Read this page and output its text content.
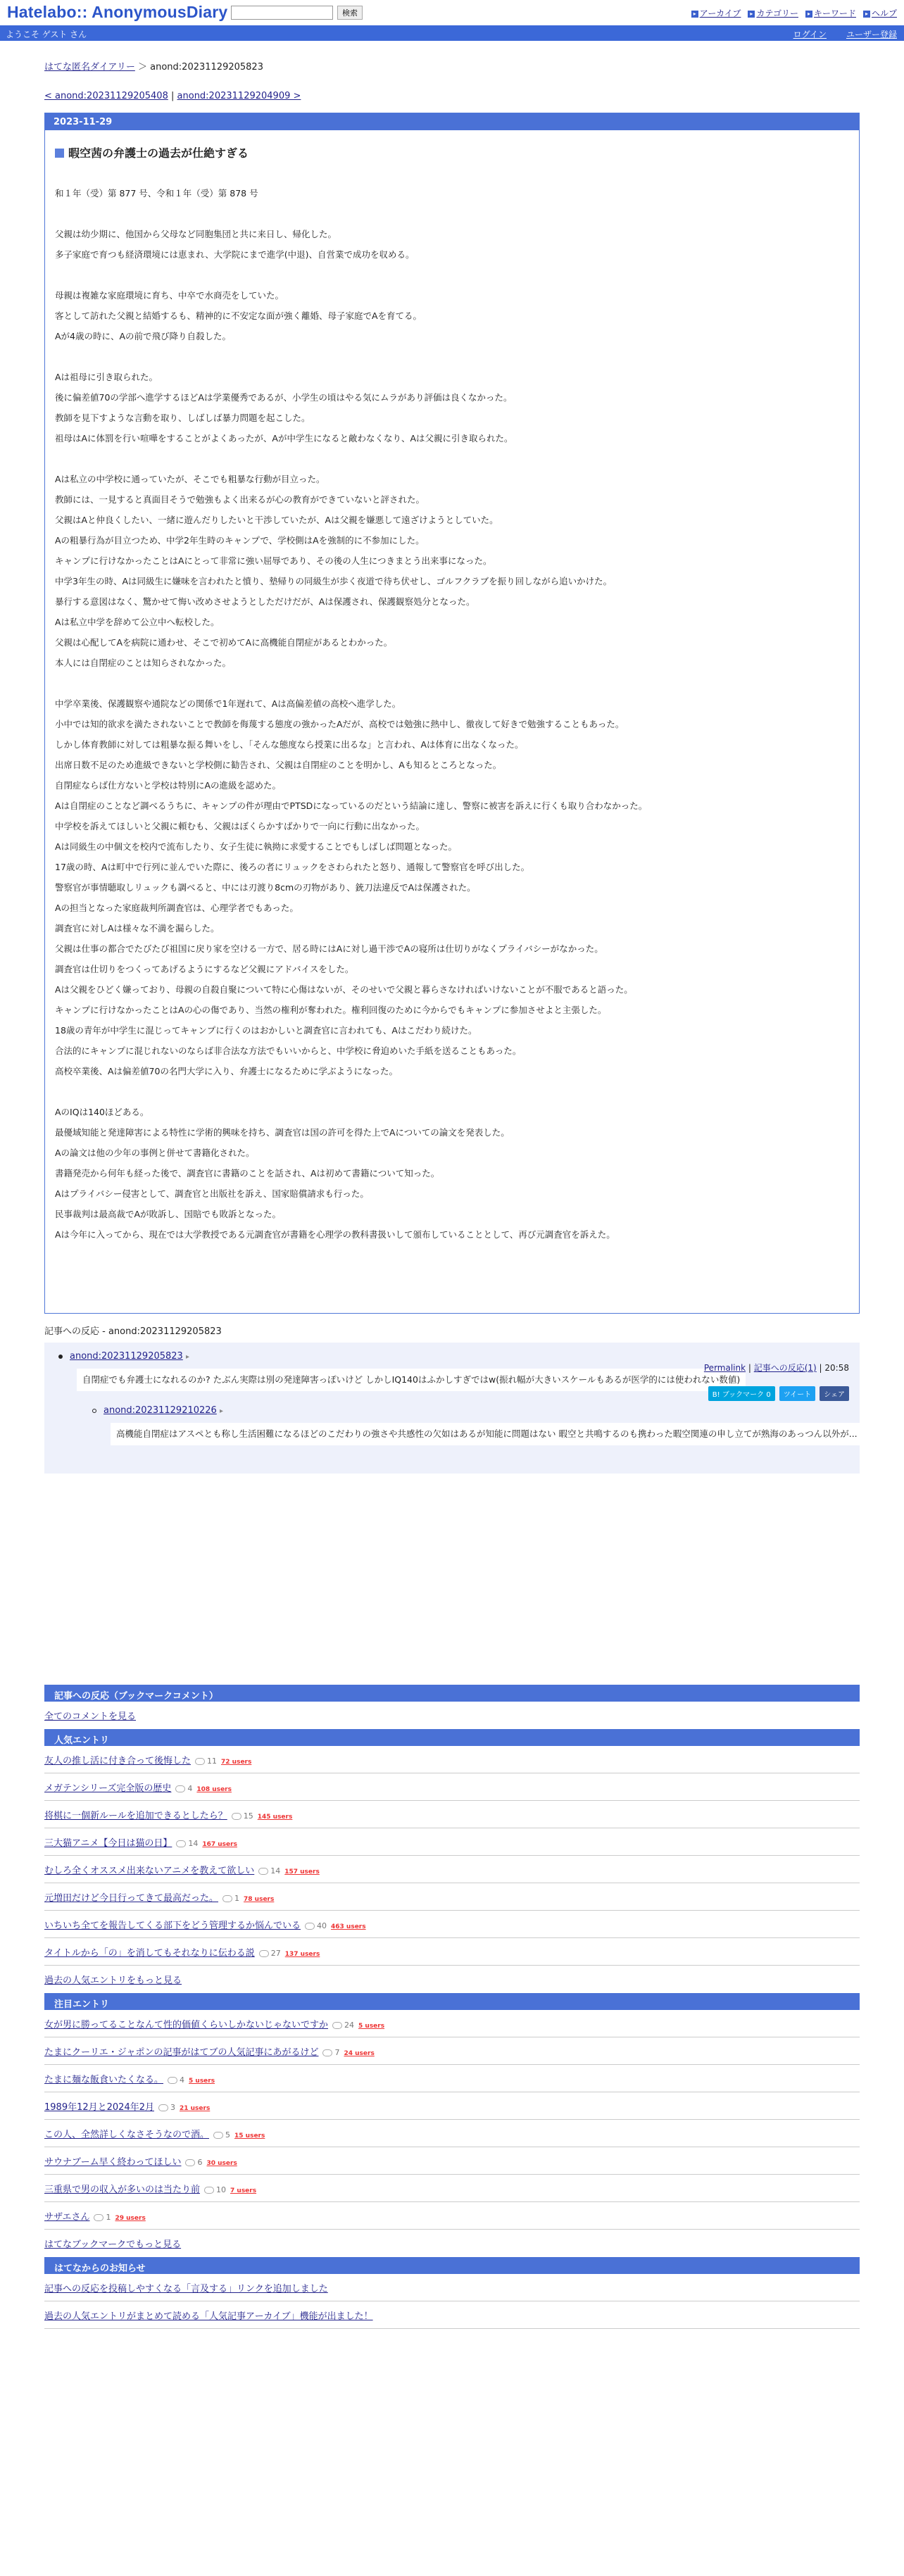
Hatelabo:: AnonymousDiary	検索	▸ アーカイブ	▸ カテゴリー	▸ キーワード	▸ ヘルプ
ようこそ ゲスト さん	ログイン ユーザー登録
はてな匿名ダイアリー ＞ anond:20231129205823
< anond:20231129205408 | anond:20231129204909 >
2023-11-29
暇空茜の弁護士の過去が仕絶すぎる

和１年（受）第 877 号、令和１年（受）第 878 号

父親は幼少期に、他国から父母など同胞集団と共に来日し、帰化した。

多子家庭で育つも経済環境には恵まれ、大学院にまで進学(中退)、自営業で成功を収める。

母親は複雑な家庭環境に育ち、中卒で水商売をしていた。

客として訪れた父親と結婚するも、精神的に不安定な面が強く離婚、母子家庭でAを育てる。

Aが4歳の時に、Aの前で飛び降り自殺した。

Aは祖母に引き取られた。

後に偏差値70の学部へ進学するほどAは学業優秀であるが、小学生の頃はやる気にムラがあり評価は良くなかった。

教師を見下すような言動を取り、しばしば暴力問題を起こした。

祖母はAに体罰を行い喧嘩をすることがよくあったが、Aが中学生になると敵わなくなり、Aは父親に引き取られた。

Aは私立の中学校に通っていたが、そこでも粗暴な行動が目立った。

教師には、一見すると真面目そうで勉強もよく出来るが心の教育ができていないと評された。

父親はAと仲良くしたい、一緒に遊んだりしたいと干渉していたが、Aは父親を嫌悪して遠ざけようとしていた。

Aの粗暴行為が目立つため、中学2年生時のキャンプで、学校側はAを強制的に不参加にした。

キャンプに行けなかったことはAにとって非常に強い屈辱であり、その後の人生につきまとう出来事になった。

中学3年生の時、Aは同級生に嫌味を言われたと憤り、墊帰りの同級生が歩く夜道で待ち伏せし、ゴルフクラブを振り回しながら追いかけた。

暴行する意図はなく、驚かせて悔い改めさせようとしただけだが、Aは保護され、保護観察処分となった。

Aは私立中学を辞めて公立中へ転校した。

父親は心配してAを病院に通わせ、そこで初めてAに高機能自閉症があるとわかった。

本人には自閉症のことは知らされなかった。

中学卒業後、保護観察や通院などの関係で1年遅れて、Aは高偏差値の高校へ進学した。

小中では知的欲求を満たされないことで教師を侮蔑する態度の強かったAだが、高校では勉強に熱中し、徹夜して好きで勉強することもあった。

しかし体育教師に対しては粗暴な振る舞いをし、「そんな態度なら授業に出るな」と言われ、Aは体育に出なくなった。

出席日数不足のため進級できないと学校側に勧告され、父親は自閉症のことを明かし、Aも知るところとなった。

自閉症ならば仕方ないと学校は特別にAの進級を認めた。

Aは自閉症のことなど調べるうちに、キャンプの件が理由でPTSDになっているのだという結論に達し、警察に被害を訴えに行くも取り合わなかった。

中学校を訴えてほしいと父親に頼むも、父親はぼくらかすばかりで一向に行動に出なかった。

Aは同級生の中個文を校内で流布したり、女子生徒に執拗に求愛することでもしばしば問題となった。

17歳の時、Aは町中で行列に並んでいた際に、後ろの者にリュックをさわられたと怒り、通報して警察官を呼び出した。

警察官が事情聴取しリュックも調べると、中には刃渡り8cmの刃物があり、銃刀法違反でAは保護された。

Aの担当となった家庭裁判所調査官は、心理学者でもあった。

調査官に対しAは様々な不満を漏らした。

父親は仕事の都合でたびたび祖国に戻り家を空ける一方で、居る時にはAに対し過干渉でAの寝所は仕切りがなくプライバシーがなかった。

調査官は仕切りをつくってあげるようにするなど父親にアドバイスをした。

Aは父親をひどく嫌っており、母親の自殺自聚について特に心傷はないが、そのせいで父親と暮らさなければいけないことが不服であると語った。

キャンプに行けなかったことはAの心の傷であり、当然の権利が奪われた。権利回復のために今からでもキャンプに参加させよと主張した。

18歳の青年が中学生に混じってキャンプに行くのはおかしいと調査官に言われても、Aはこだわり続けた。

合法的にキャンプに混じれないのならば非合法な方法でもいいからと、中学校に脅迫めいた手紙を送ることもあった。

高校卒業後、Aは偏差値70の名門大学に入り、弁護士になるために学ぶようになった。

AのIQは140ほどある。

最優域知能と発達障害による特性に学術的興味を持ち、調査官は国の許可を得た上でAについての論文を発表した。

Aの論文は他の少年の事例と併せて書籍化された。

書籍発売から何年も経った後で、調査官に書籍のことを話され、Aは初めて書籍について知った。

Aはプライバシー侵害として、調査官と出版社を訴え、国家賠償請求も行った。

民事裁判は最高裁でAが敗訴し、国賠でも敗訴となった。

Aは今年に入ってから、現在では大学教授である元調査官が書籍を心理学の教科書扱いして頒布していることとして、再び元調査官を訴えた。

Permalink | 記事への反応(1) | 20:58
B! ブックマーク 0	ツイート	シェア
記事への反応 - anond:20231129205823
anond:20231129205823 ▸
自閉症でも弁護士になれるのか? たぶん実際は別の発達障害っぽいけど しかしIQ140はふかしすぎではw(振れ幅が大きいスケールもあるが医学的には使われない数値)
anond:20231129210226 ▸
高機能自閉症はアスペとも称し生活困難になるほどのこだわりの強さや共感性の欠如はあるが知能に問題はない 暇空と共鳴するのも携わった暇空関連の申し立てが熟海のあっつん以外が...
記事への反応（ブックマークコメント）
全てのコメントを見る
人気エントリ
友人の推し活に付き合って後悔した 11 72 users
メガテンシリーズ完全版の歴史 4 108 users
将棋に一個新ルールを追加できるとしたら？ 15 145 users
三大猫アニメ【今日は猫の日】 14 167 users
むしろ全くオススメ出来ないアニメを教えて欲しい 14 157 users
元増田だけど今日行ってきて最高だった。 1 78 users
いちいち全てを報告してくる部下をどう管理するか悩んでいる 40 463 users
タイトルから「の」を消してもそれなりに伝わる説 27 137 users
過去の人気エントリをもっと見る
注目エントリ
女が男に勝ってることなんて性的価値くらいしかないじゃないですか 24 5 users
たまにクーリエ・ジャポンの記事がはてブの人気記事にあがるけど 7 24 users
たまに麺な飯食いたくなる。 4 5 users
1989年12月と2024年2月 3 21 users
この人、全然詳しくなさそうなので酒。 5 15 users
サウナブーム早く終わってほしい 6 30 users
三重県で男の収入が多いのは当たり前 10 7 users
サザエさん 1 29 users
はてなブックマークでもっと見る
はてなからのお知らせ
記事への反応を投稿しやすくなる「言及する」リンクを追加しました
過去の人気エントリがまとめて読める「人気記事アーカイブ」機能が出ました！
